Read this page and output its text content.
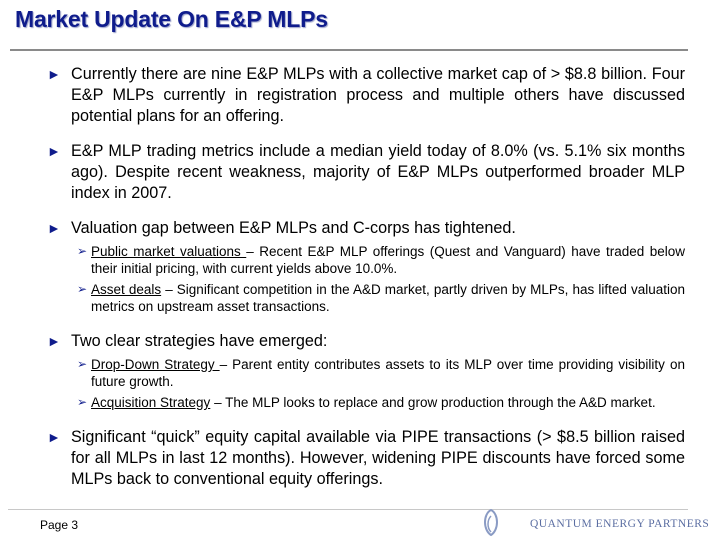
Market Update On E&P MLPs
► Currently there are nine E&P MLPs with a collective market cap of > $8.8 billion. Four E&P MLPs currently in registration process and multiple others have discussed potential plans for an offering.
► E&P MLP trading metrics include a median yield today of 8.0% (vs. 5.1% six months ago). Despite recent weakness, majority of E&P MLPs outperformed broader MLP index in 2007.
► Valuation gap between E&P MLPs and C-corps has tightened.
➢ Public market valuations – Recent E&P MLP offerings (Quest and Vanguard) have traded below their initial pricing, with current yields above 10.0%.
➢ Asset deals – Significant competition in the A&D market, partly driven by MLPs, has lifted valuation metrics on upstream asset transactions.
► Two clear strategies have emerged:
➢ Drop-Down Strategy – Parent entity contributes assets to its MLP over time providing visibility on future growth.
➢ Acquisition Strategy – The MLP looks to replace and grow production through the A&D market.
► Significant “quick” equity capital available via PIPE transactions (> $8.5 billion raised for all MLPs in last 12 months). However, widening PIPE discounts have forced some MLPs back to conventional equity offerings.
Page 3	QUANTUM ENERGY PARTNERS
